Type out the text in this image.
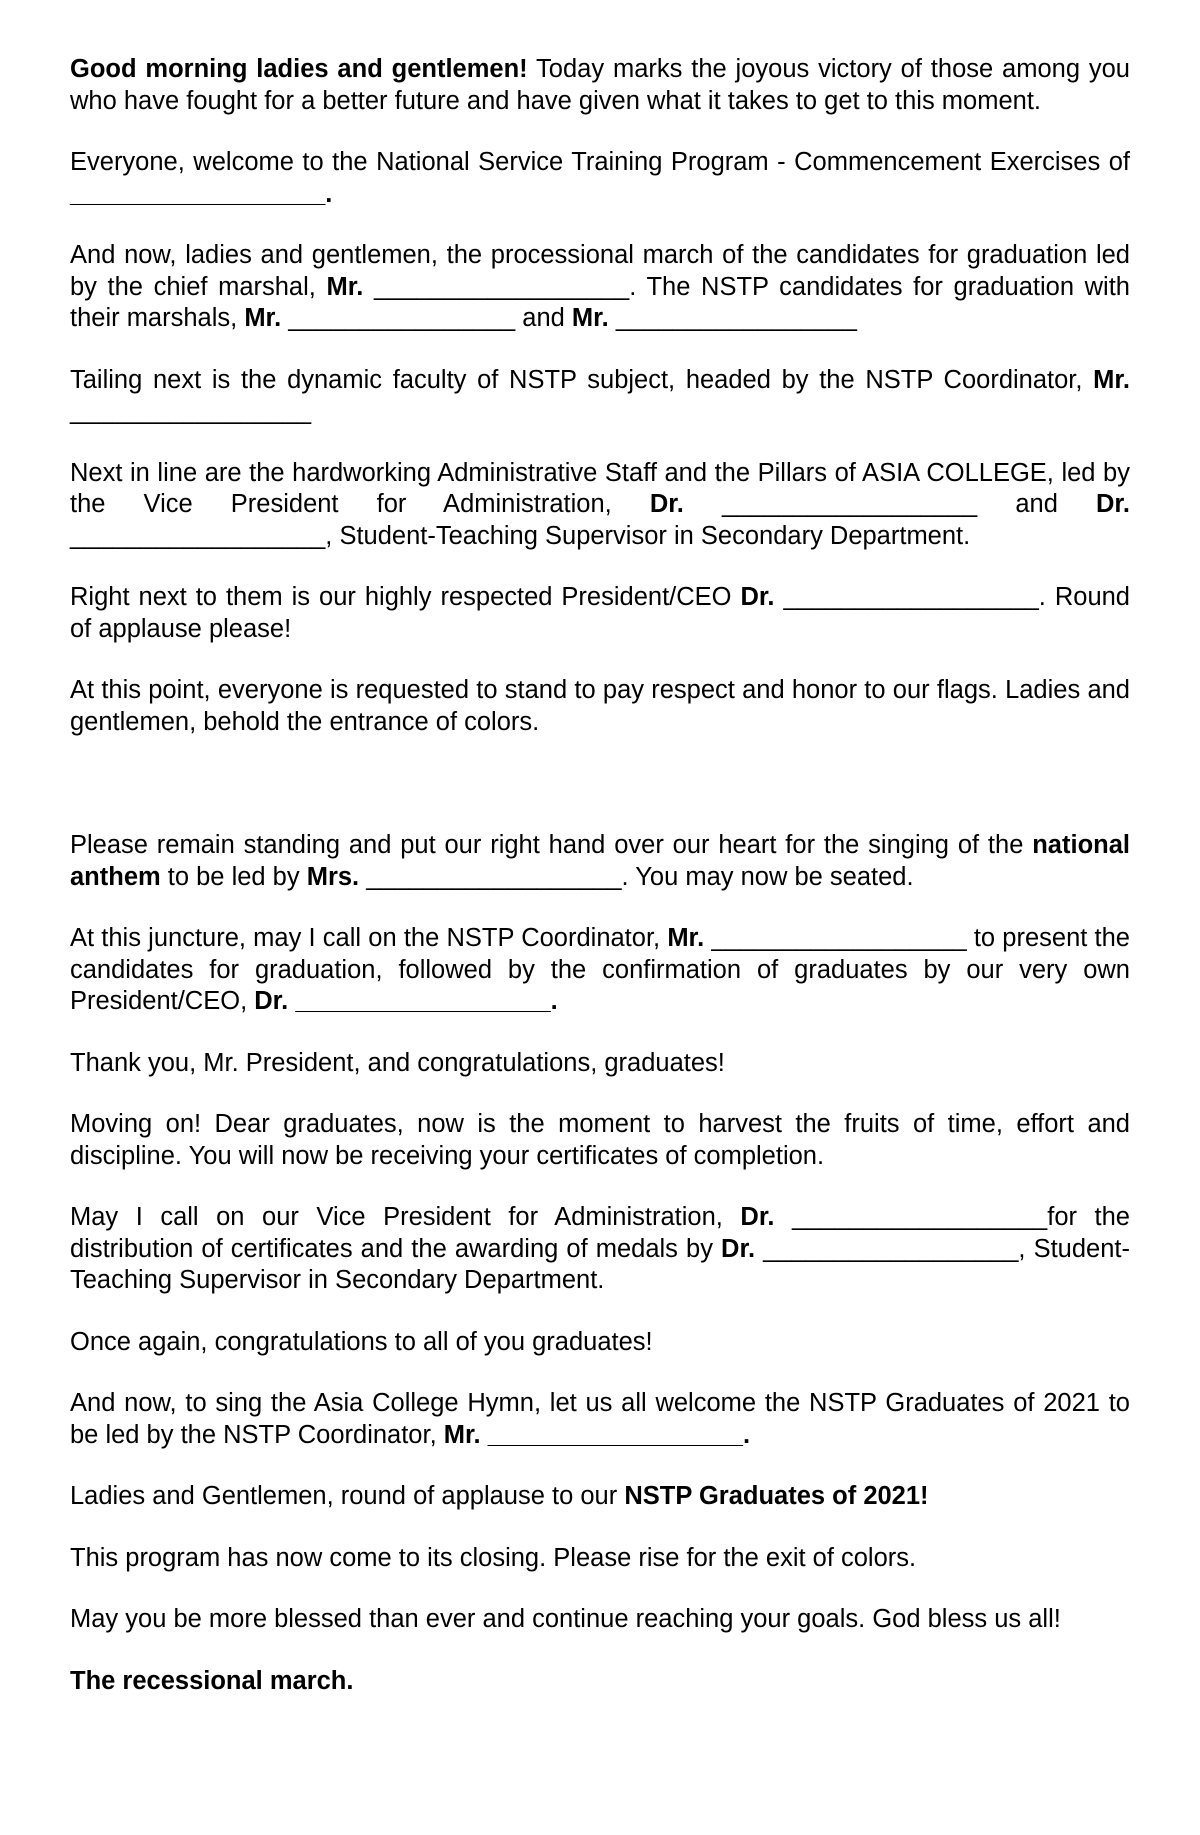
Good morning ladies and gentlemen! Today marks the joyous victory of those among you who have fought for a better future and have given what it takes to get to this moment.

Everyone, welcome to the National Service Training Program - Commencement Exercises of __________________.

And now, ladies and gentlemen, the processional march of the candidates for graduation led by the chief marshal, Mr. __________________. The NSTP candidates for graduation with their marshals, Mr. ________________ and Mr. _________________

Tailing next is the dynamic faculty of NSTP subject, headed by the NSTP Coordinator, Mr. _________________

Next in line are the hardworking Administrative Staff and the Pillars of ASIA COLLEGE, led by the Vice President for Administration, Dr. __________________ and Dr. __________________, Student-Teaching Supervisor in Secondary Department.

Right next to them is our highly respected President/CEO Dr. __________________. Round of applause please!

At this point, everyone is requested to stand to pay respect and honor to our flags. Ladies and gentlemen, behold the entrance of colors.

Please remain standing and put our right hand over our heart for the singing of the national anthem to be led by Mrs. __________________. You may now be seated.

At this juncture, may I call on the NSTP Coordinator, Mr. __________________ to present the candidates for graduation, followed by the confirmation of graduates by our very own President/CEO, Dr. __________________.

Thank you, Mr. President, and congratulations, graduates!

Moving on! Dear graduates, now is the moment to harvest the fruits of time, effort and discipline. You will now be receiving your certificates of completion.

May I call on our Vice President for Administration, Dr. __________________for the distribution of certificates and the awarding of medals by Dr. __________________, Student-Teaching Supervisor in Secondary Department.

Once again, congratulations to all of you graduates!

And now, to sing the Asia College Hymn, let us all welcome the NSTP Graduates of 2021 to be led by the NSTP Coordinator, Mr. __________________.

Ladies and Gentlemen, round of applause to our NSTP Graduates of 2021!

This program has now come to its closing. Please rise for the exit of colors.

May you be more blessed than ever and continue reaching your goals. God bless us all!

The recessional march.
